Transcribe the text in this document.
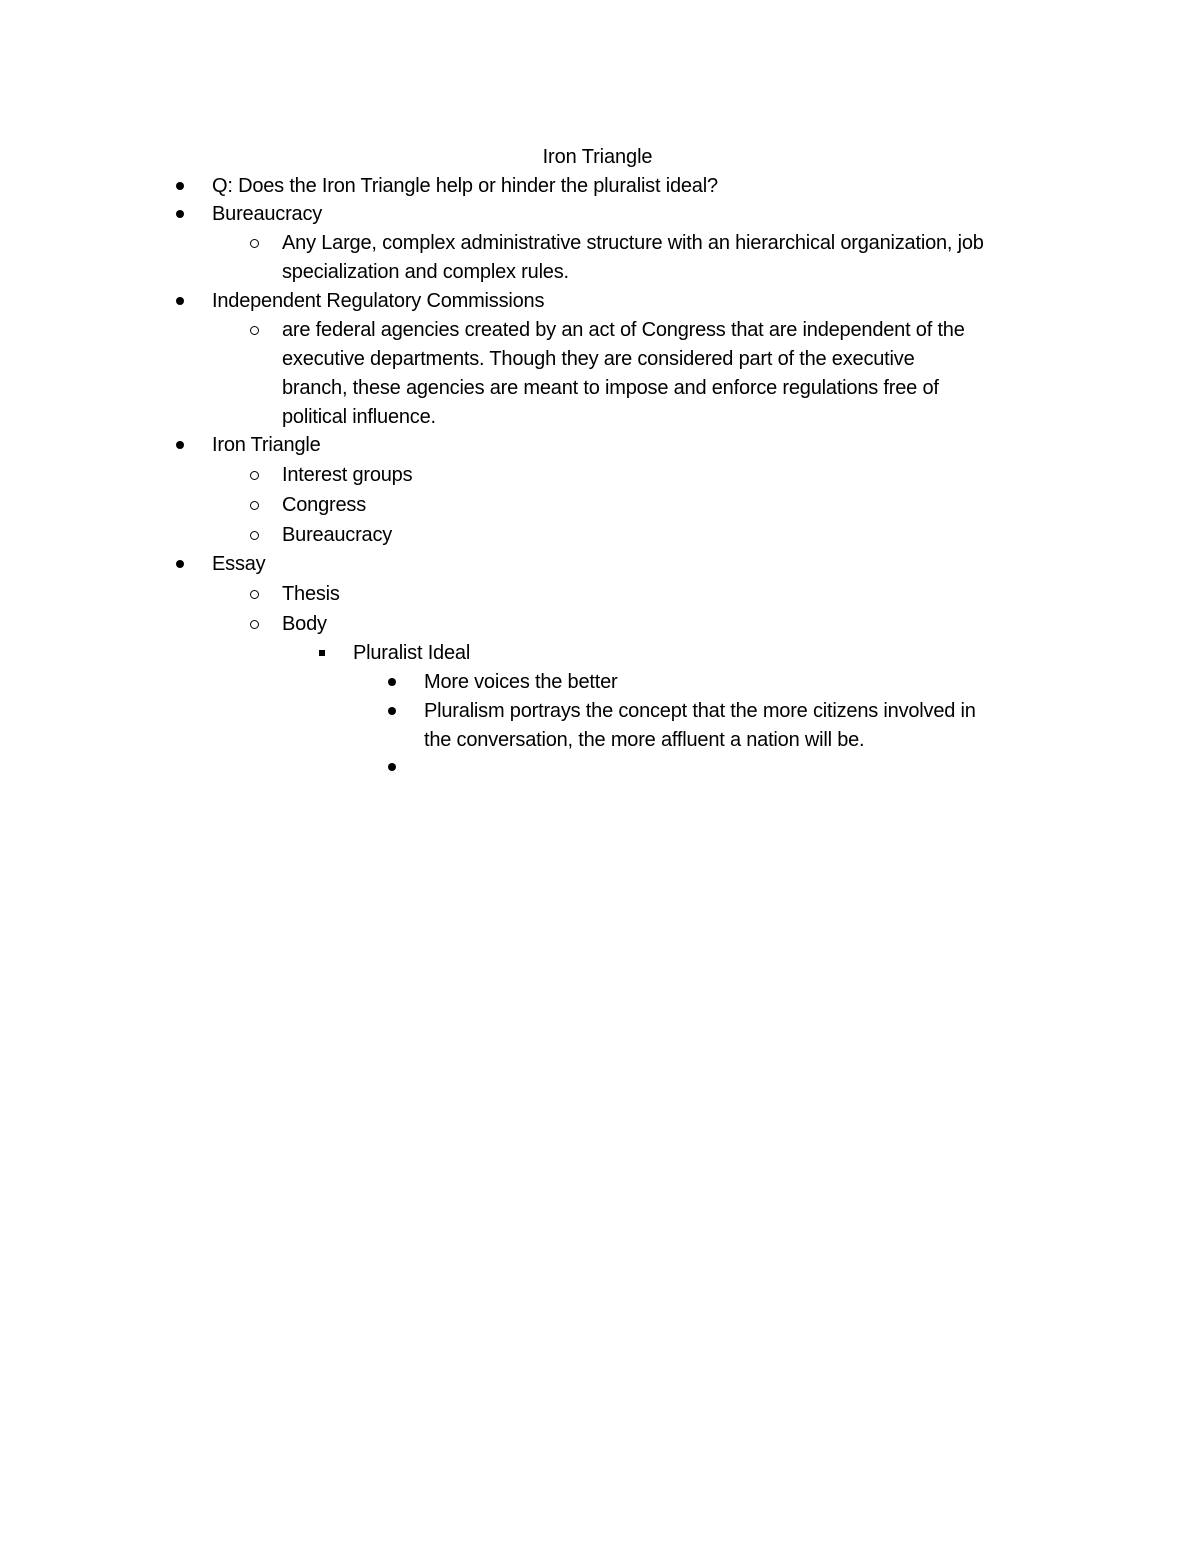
Iron Triangle
Q: Does the Iron Triangle help or hinder the pluralist ideal?
Bureaucracy
Any Large, complex administrative structure with an hierarchical organization, job
specialization and complex rules.
Independent Regulatory Commissions
are federal agencies created by an act of Congress that are independent of the
executive departments. Though they are considered part of the executive
branch, these agencies are meant to impose and enforce regulations free of
political influence.
Iron Triangle
Interest groups
Congress
Bureaucracy
Essay
Thesis
Body
Pluralist Ideal
More voices the better
Pluralism portrays the concept that the more citizens involved in
the conversation, the more affluent a nation will be.
